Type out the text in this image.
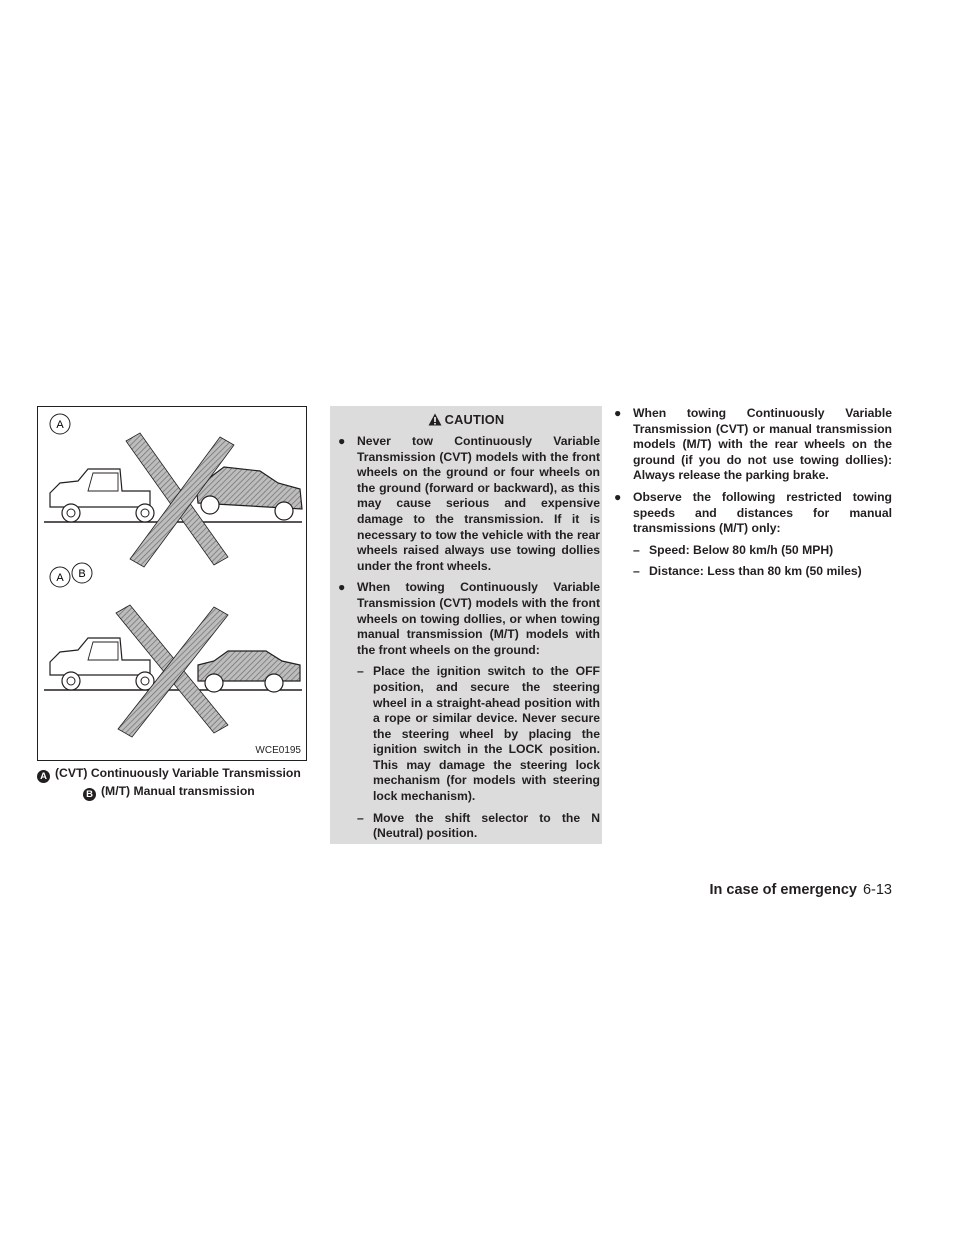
A
A B
WCE0195
A (CVT) Continuously Variable Transmission
B (M/T) Manual transmission
CAUTION
● Never tow Continuously Variable Transmission (CVT) models with the front wheels on the ground or four wheels on the ground (forward or backward), as this may cause serious and expensive damage to the transmission. If it is necessary to tow the vehicle with the rear wheels raised always use towing dollies under the front wheels.
● When towing Continuously Variable Transmission (CVT) models with the front wheels on towing dollies, or when towing manual transmission (M/T) models with the front wheels on the ground:
– Place the ignition switch to the OFF position, and secure the steering wheel in a straight-ahead position with a rope or similar device. Never secure the steering wheel by placing the ignition switch in the LOCK position. This may damage the steering lock mechanism (for models with steering lock mechanism).
– Move the shift selector to the N (Neutral) position.
● When towing Continuously Variable Transmission (CVT) or manual transmission models (M/T) with the rear wheels on the ground (if you do not use towing dollies): Always release the parking brake.
● Observe the following restricted towing speeds and distances for manual transmissions (M/T) only:
– Speed: Below 80 km/h (50 MPH)
– Distance: Less than 80 km (50 miles)
In case of emergency 6-13
